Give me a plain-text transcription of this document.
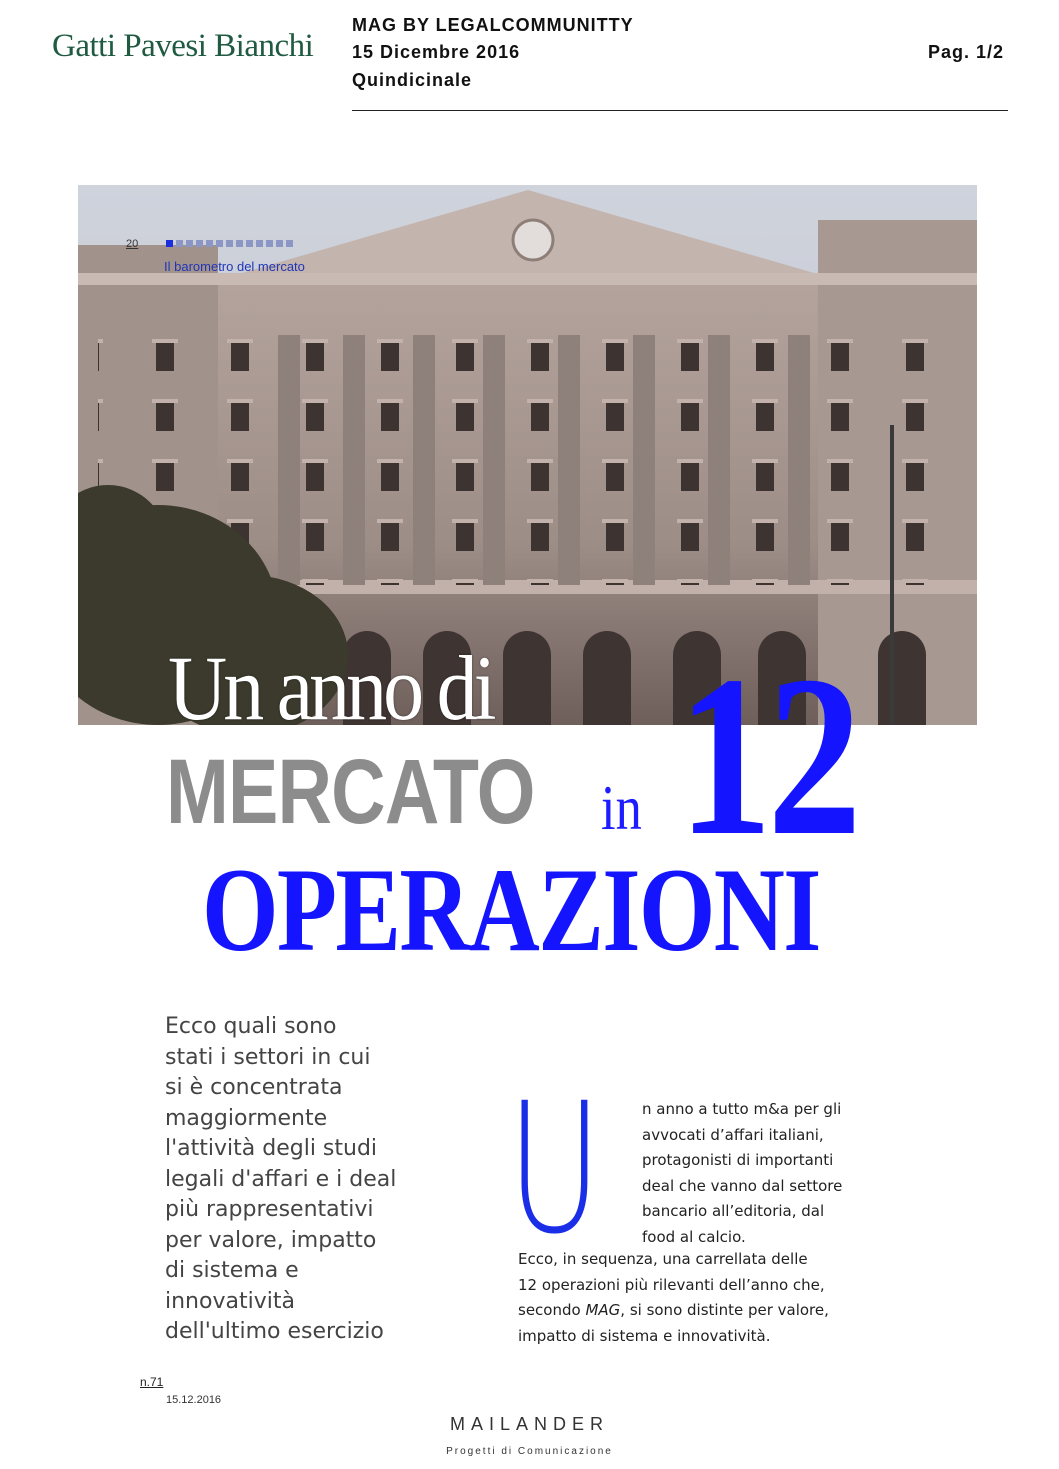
Gatti Pavesi Bianchi
MAG BY LEGALCOMMUNITTY
15 Dicembre 2016
Quindicinale
Pag. 1/2
20
Il barometro del mercato
Un anno di
MERCATO in 12
OPERAZIONI
Ecco quali sono
stati i settori in cui
si è concentrata
maggiormente
l'attività degli studi
legali d'affari e i deal
più rappresentativi
per valore, impatto
di sistema e
innovatività
dell'ultimo esercizio
U	n anno a tutto m&a per gli
avvocati d’affari italiani,
protagonisti di importanti
deal che vanno dal settore
bancario all’editoria, dal
food al calcio.
Ecco, in sequenza, una carrellata delle
12 operazioni più rilevanti dell’anno che,
secondo MAG, si sono distinte per valore,
impatto di sistema e innovatività.
n.71
15.12.2016
MAILANDER
Progetti di Comunicazione
